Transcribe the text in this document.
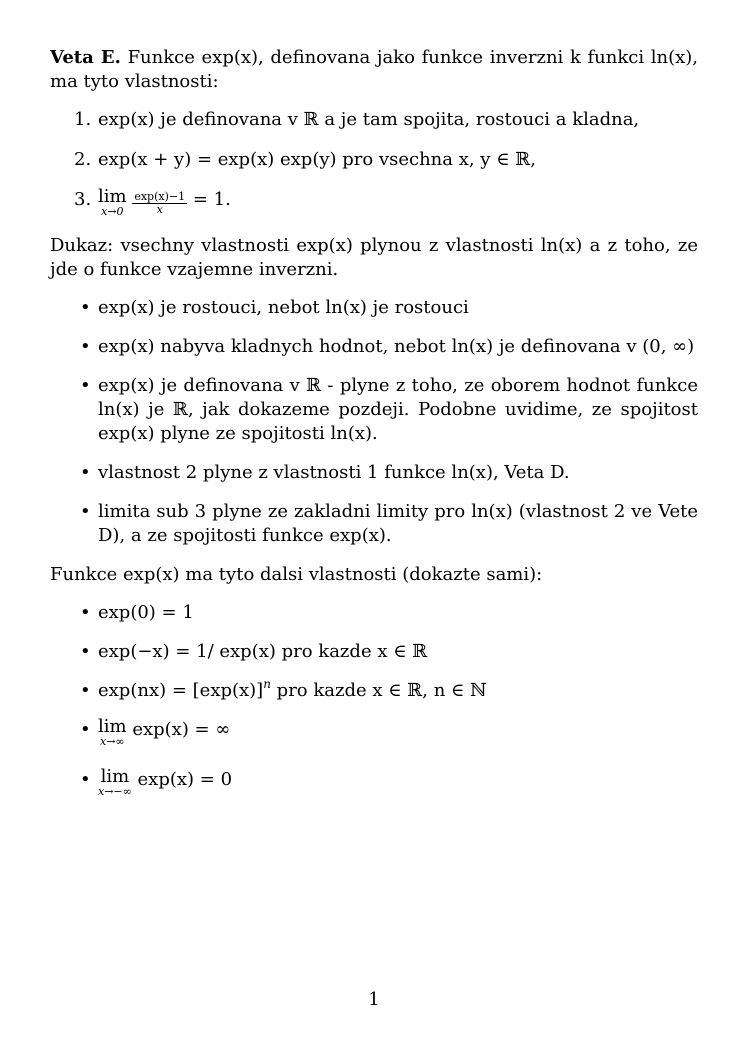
Veta E. Funkce exp(x), definovana jako funkce inverzni k funkci ln(x), ma tyto vlastnosti:

1. exp(x) je definovana v ℝ a je tam spojita, rostouci a kladna,
2. exp(x + y) = exp(x) exp(y) pro vsechna x, y ∈ ℝ,
3. lim
x→0
$\frac{\exp(x)-1}{x} = 1$.

Dukaz: vsechny vlastnosti exp(x) plynou z vlastnosti ln(x) a z toho, ze jde o funkce vzajemne inverzni.

• exp(x) je rostouci, nebot ln(x) je rostouci
• exp(x) nabyva kladnych hodnot, nebot ln(x) je definovana v (0, ∞)
• exp(x) je definovana v ℝ - plyne z toho, ze oborem hodnot funkce ln(x) je ℝ, jak dokazeme pozdeji. Podobne uvidime, ze spojitost exp(x) plyne ze spojitosti ln(x).
• vlastnost 2 plyne z vlastnosti 1 funkce ln(x), Veta D.
• limita sub 3 plyne ze zakladni limity pro ln(x) (vlastnost 2 ve Vete D), a ze spojitosti funkce exp(x).

Funkce exp(x) ma tyto dalsi vlastnosti (dokazte sami):

• exp(0) = 1
• exp(−x) = 1/ exp(x) pro kazde x ∈ ℝ
• $\exp(nx) = [\exp(x)]^n$ pro kazde x ∈ ℝ, n ∈ ℕ
• lim
x→∞
exp(x) = ∞
• lim
x→−∞
exp(x) = 0
1
